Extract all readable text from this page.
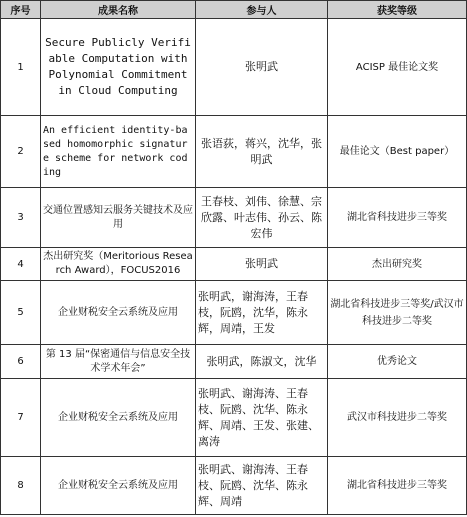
序号	成果名称	参与人	获奖等级
1	Secure Publicly Verifiable Computation with Polynomial Commitment in Cloud Computing	张明武	ACISP 最佳论文奖
2	An efficient identity-based homomorphic signature scheme for network coding	张语荻，蒋兴，沈华，张明武	最佳论文（Best paper）
3	交通位置感知云服务关键技术及应用	王春枝、刘伟、徐慧、宗欣露、叶志伟、孙云、陈宏伟	湖北省科技进步三等奖
4	杰出研究奖（Meritorious Research Award），FOCUS2016	张明武	杰出研究奖
5	企业财税安全云系统及应用	张明武，谢海涛，王春枝，阮鸥，沈华，陈永辉，周靖，王发	湖北省科技进步三等奖/武汉市科技进步二等奖
6	第 13 届“保密通信与信息安全技术学术年会”	张明武，陈淑文，沈华	优秀论文
7	企业财税安全云系统及应用	张明武、谢海涛、王春枝、阮鸥、沈华、陈永辉、周靖、王发、张建、离涛	武汉市科技进步二等奖
8	企业财税安全云系统及应用	张明武、谢海涛、王春枝、阮鸥、沈华、陈永辉、周靖	湖北省科技进步三等奖
